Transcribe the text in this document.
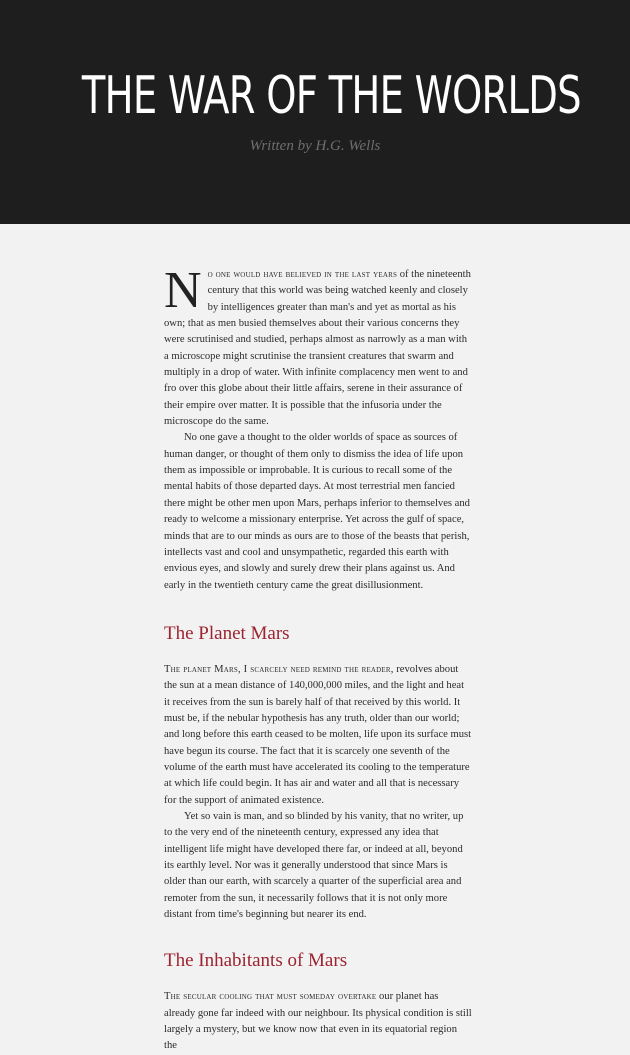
THE WAR OF THE WORLDS
Written by H.G. Wells

No one would have believed in the last years of the nineteenth century that this world was being watched keenly and closely by intelligences greater than man's and yet as mortal as his own; that as men busied themselves about their various concerns they were scrutinised and studied, perhaps almost as narrowly as a man with a microscope might scrutinise the transient creatures that swarm and multiply in a drop of water. With infinite complacency men went to and fro over this globe about their little affairs, serene in their assurance of their empire over matter. It is possible that the infusoria under the microscope do the same.

No one gave a thought to the older worlds of space as sources of human danger, or thought of them only to dismiss the idea of life upon them as impossible or improbable. It is curious to recall some of the mental habits of those departed days. At most terrestrial men fancied there might be other men upon Mars, perhaps inferior to themselves and ready to welcome a missionary enterprise. Yet across the gulf of space, minds that are to our minds as ours are to those of the beasts that perish, intellects vast and cool and unsympathetic, regarded this earth with envious eyes, and slowly and surely drew their plans against us. And early in the twentieth century came the great disillusionment.

The Planet Mars

The planet Mars, I scarcely need remind the reader, revolves about the sun at a mean distance of 140,000,000 miles, and the light and heat it receives from the sun is barely half of that received by this world. It must be, if the nebular hypothesis has any truth, older than our world; and long before this earth ceased to be molten, life upon its surface must have begun its course. The fact that it is scarcely one seventh of the volume of the earth must have accelerated its cooling to the temperature at which life could begin. It has air and water and all that is necessary for the support of animated existence.

Yet so vain is man, and so blinded by his vanity, that no writer, up to the very end of the nineteenth century, expressed any idea that intelligent life might have developed there far, or indeed at all, beyond its earthly level. Nor was it generally understood that since Mars is older than our earth, with scarcely a quarter of the superficial area and remoter from the sun, it necessarily follows that it is not only more distant from time's beginning but nearer its end.

The Inhabitants of Mars

The secular cooling that must someday overtake our planet has already gone far indeed with our neighbour. Its physical condition is still largely a mystery, but we know now that even in its equatorial region the
